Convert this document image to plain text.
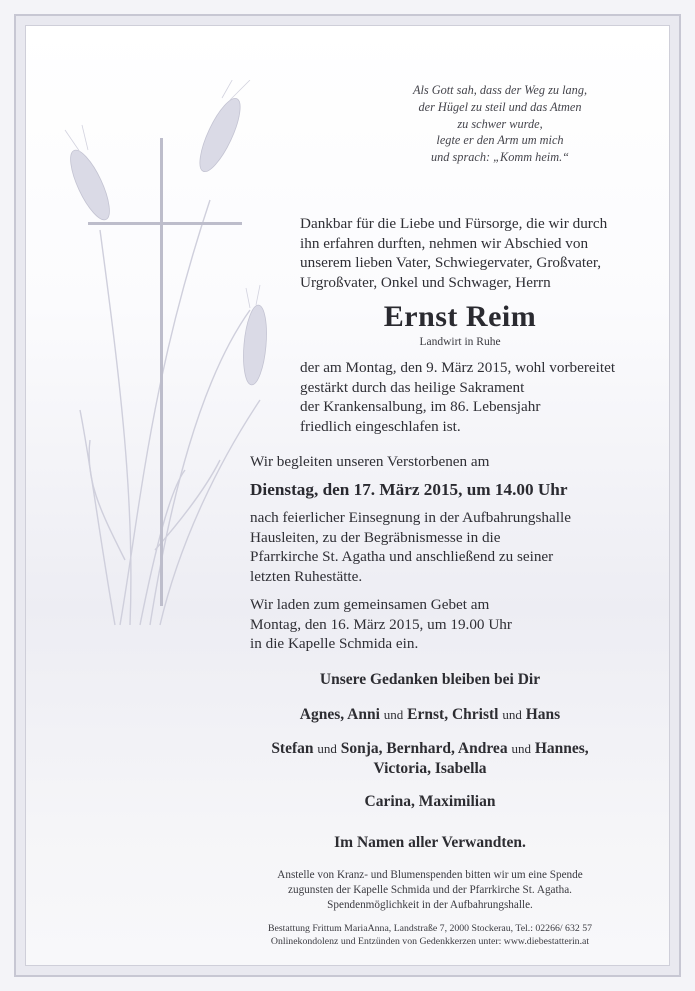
Als Gott sah, dass der Weg zu lang,
der Hügel zu steil und das Atmen
zu schwer wurde,
legte er den Arm um mich
und sprach: „Komm heim.“
Dankbar für die Liebe und Fürsorge, die wir durch
ihn erfahren durften, nehmen wir Abschied von
unserem lieben Vater, Schwiegervater, Großvater,
Urgroßvater, Onkel und Schwager, Herrn
Ernst Reim
Landwirt in Ruhe
der am Montag, den 9. März 2015, wohl vorbereitet
gestärkt durch das heilige Sakrament
der Krankensalbung, im 86. Lebensjahr
friedlich eingeschlafen ist.
Wir begleiten unseren Verstorbenen am
Dienstag, den 17. März 2015, um 14.00 Uhr
nach feierlicher Einsegnung in der Aufbahrungshalle
Hausleiten, zu der Begräbnismesse in die
Pfarrkirche St. Agatha und anschließend zu seiner
letzten Ruhestätte.
Wir laden zum gemeinsamen Gebet am
Montag, den 16. März 2015, um 19.00 Uhr
in die Kapelle Schmida ein.
Unsere Gedanken bleiben bei Dir
Agnes, Anni und Ernst, Christl und Hans
Stefan und Sonja, Bernhard, Andrea und Hannes,
Victoria, Isabella
Carina, Maximilian
Im Namen aller Verwandten.
Anstelle von Kranz- und Blumenspenden bitten wir um eine Spende
zugunsten der Kapelle Schmida und der Pfarrkirche St. Agatha.
Spendenmöglichkeit in der Aufbahrungshalle.
Bestattung Frittum MariaAnna, Landstraße 7, 2000 Stockerau, Tel.: 02266/ 632 57
Onlinekondolenz und Entzünden von Gedenkkerzen unter: www.diebestatterin.at
